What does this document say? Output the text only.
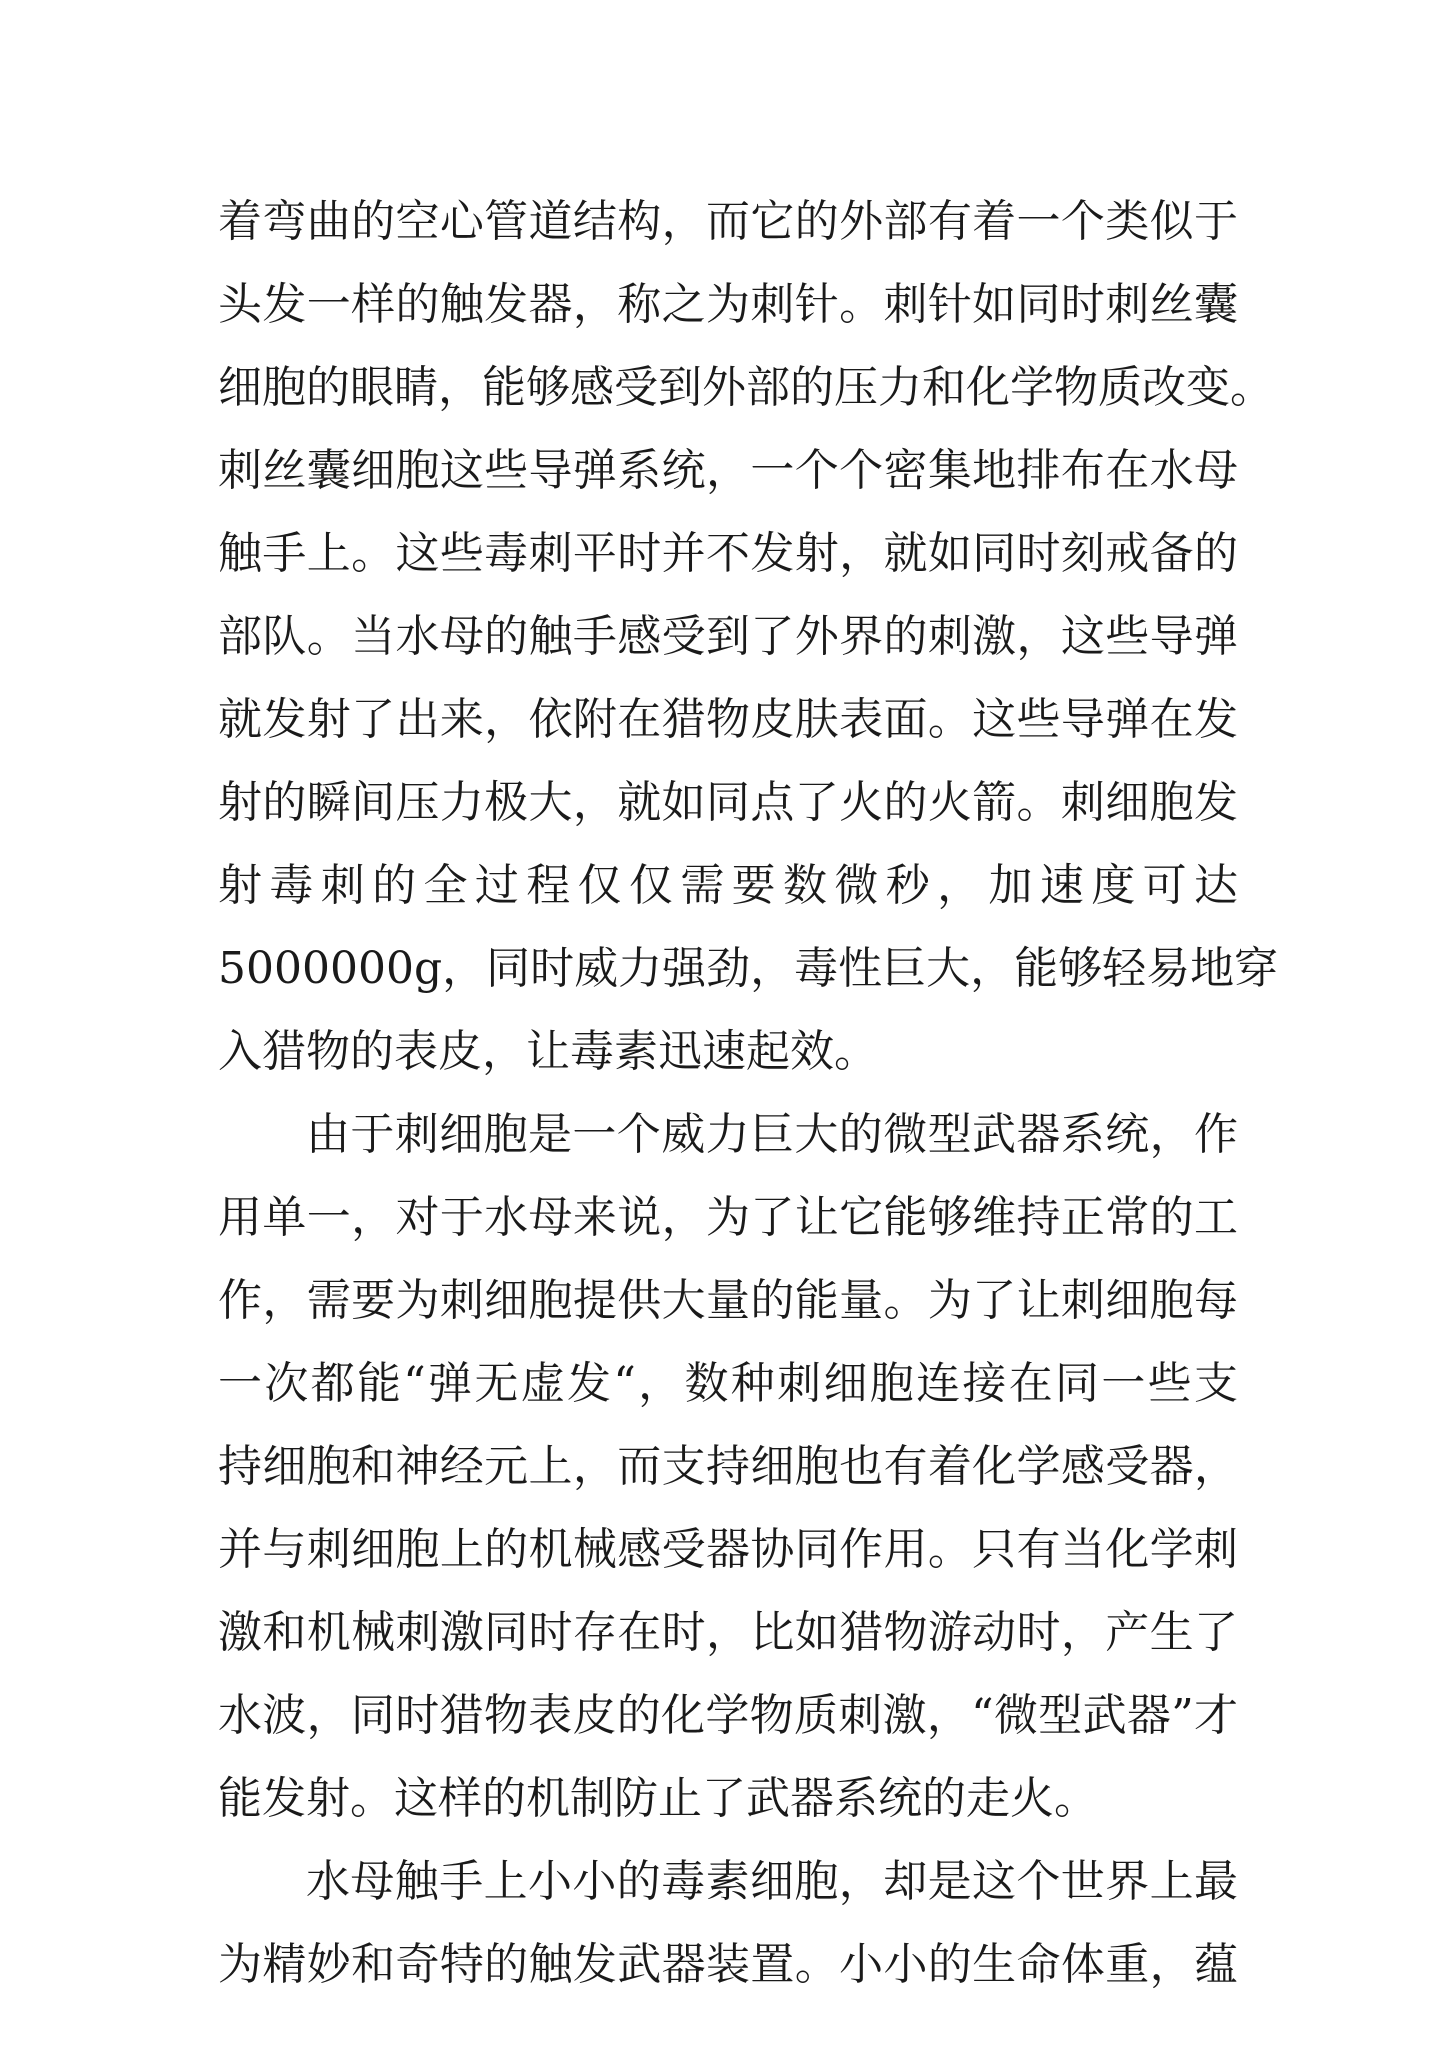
着弯曲的空心管道结构，而它的外部有着一个类似于
头发一样的触发器，称之为刺针。刺针如同时刺丝囊
细胞的眼睛，能够感受到外部的压力和化学物质改变。
刺丝囊细胞这些导弹系统，一个个密集地排布在水母
触手上。这些毒刺平时并不发射，就如同时刻戒备的
部队。当水母的触手感受到了外界的刺激，这些导弹
就发射了出来，依附在猎物皮肤表面。这些导弹在发
射的瞬间压力极大，就如同点了火的火箭。刺细胞发
射毒刺的全过程仅仅需要数微秒，加速度可达
5000000g，同时威力强劲，毒性巨大，能够轻易地穿
入猎物的表皮，让毒素迅速起效。
由于刺细胞是一个威力巨大的微型武器系统，作
用单一，对于水母来说，为了让它能够维持正常的工
作，需要为刺细胞提供大量的能量。为了让刺细胞每
一次都能“弹无虚发“，数种刺细胞连接在同一些支
持细胞和神经元上，而支持细胞也有着化学感受器，
并与刺细胞上的机械感受器协同作用。只有当化学刺
激和机械刺激同时存在时，比如猎物游动时，产生了
水波，同时猎物表皮的化学物质刺激，“微型武器”才
能发射。这样的机制防止了武器系统的走火。
水母触手上小小的毒素细胞，却是这个世界上最
为精妙和奇特的触发武器装置。小小的生命体重，蕴
